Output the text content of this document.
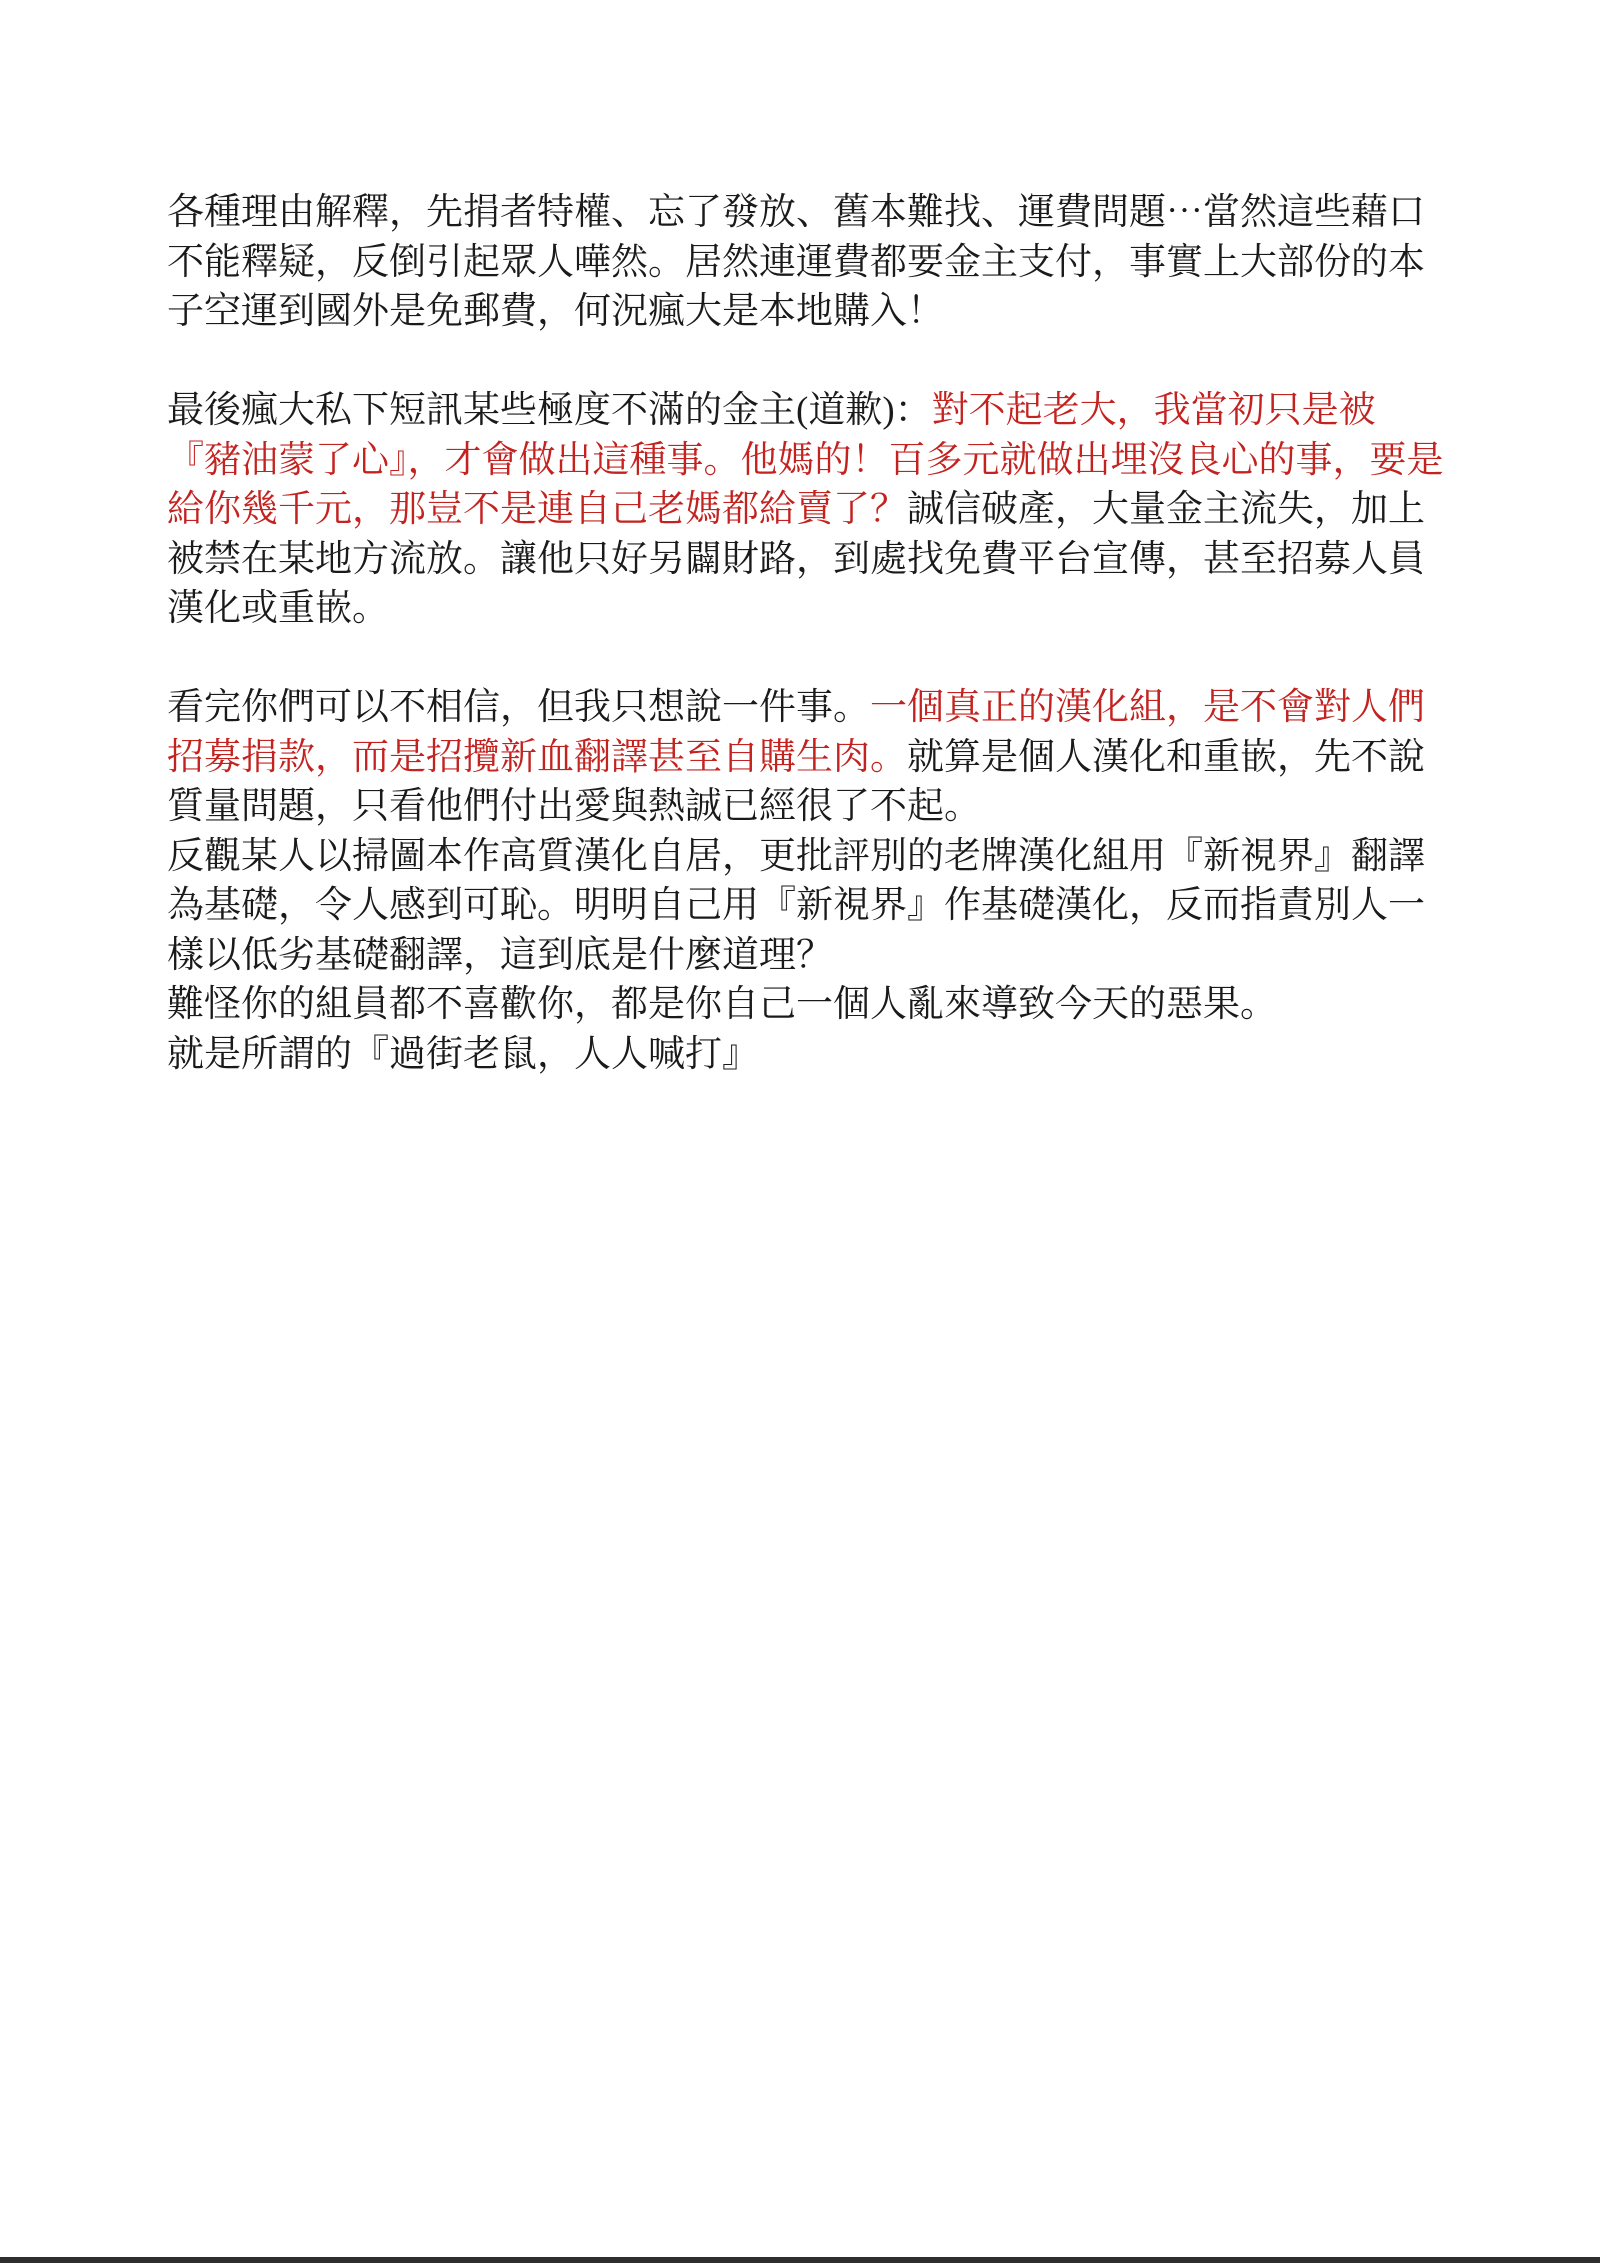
各種理由解釋，先捐者特權、忘了發放、舊本難找、運費問題⋯當然這些藉口
不能釋疑，反倒引起眾人嘩然。居然連運費都要金主支付，事實上大部份的本
子空運到國外是免郵費，何況瘋大是本地購入！
最後瘋大私下短訊某些極度不滿的金主(道歉)：對不起老大，我當初只是被
『豬油蒙了心』，才會做出這種事。他媽的！百多元就做出埋沒良心的事，要是
給你幾千元，那豈不是連自己老媽都給賣了？誠信破產，大量金主流失，加上
被禁在某地方流放。讓他只好另闢財路，到處找免費平台宣傳，甚至招募人員
漢化或重嵌。
看完你們可以不相信，但我只想說一件事。一個真正的漢化組，是不會對人們
招募捐款，而是招攬新血翻譯甚至自購生肉。就算是個人漢化和重嵌，先不說
質量問題，只看他們付出愛與熱誠已經很了不起。
反觀某人以掃圖本作高質漢化自居，更批評別的老牌漢化組用『新視界』翻譯
為基礎，令人感到可恥。明明自己用『新視界』作基礎漢化，反而指責別人一
樣以低劣基礎翻譯，這到底是什麼道理？
難怪你的組員都不喜歡你，都是你自己一個人亂來導致今天的惡果。
就是所謂的『過街老鼠，人人喊打』
